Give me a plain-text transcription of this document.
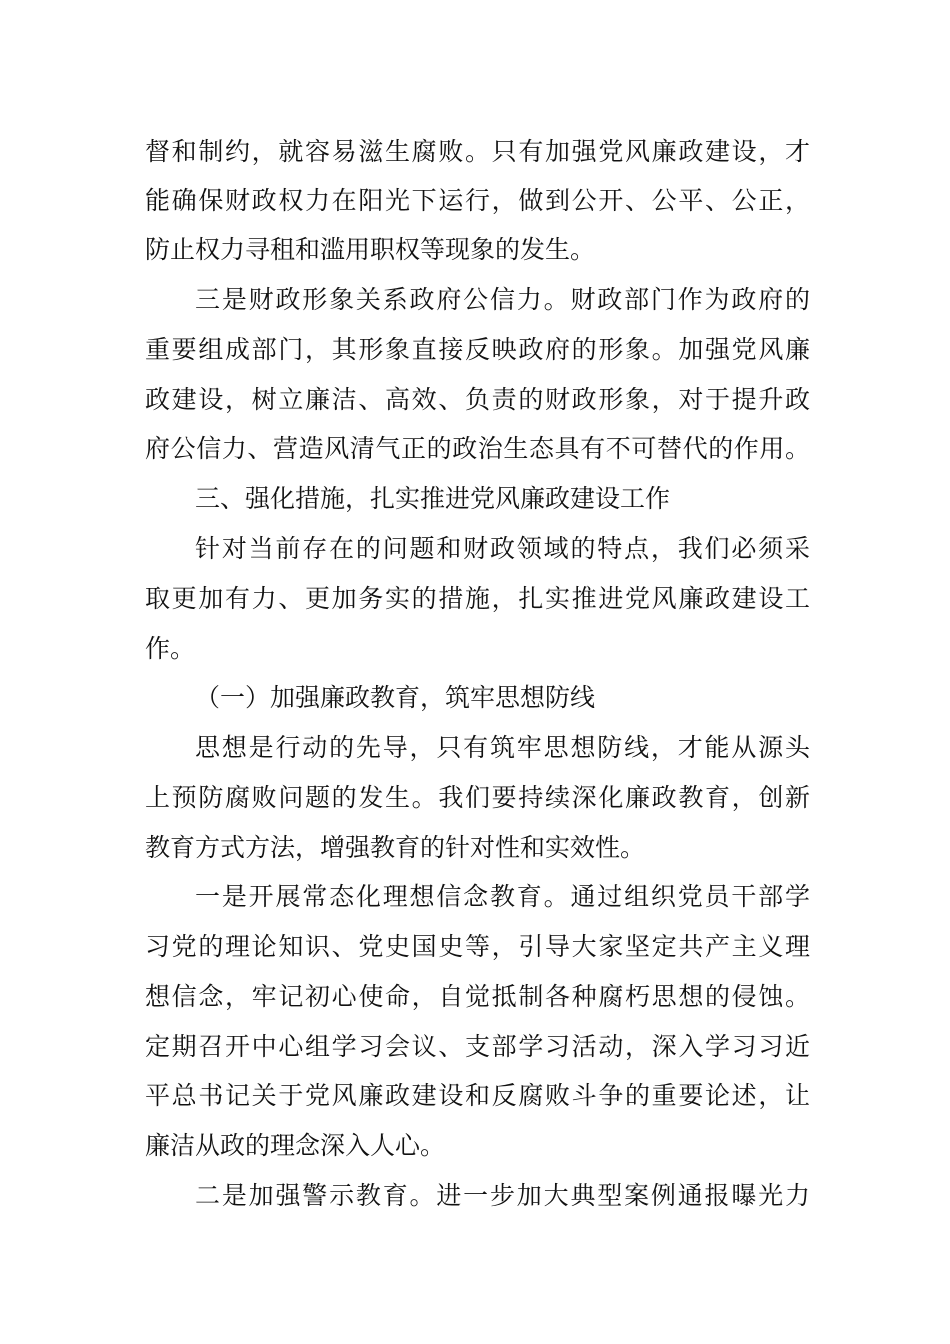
督和制约，就容易滋生腐败。只有加强党风廉政建设，才
能确保财政权力在阳光下运行，做到公开、公平、公正，
防止权力寻租和滥用职权等现象的发生。
三是财政形象关系政府公信力。财政部门作为政府的
重要组成部门，其形象直接反映政府的形象。加强党风廉
政建设，树立廉洁、高效、负责的财政形象，对于提升政
府公信力、营造风清气正的政治生态具有不可替代的作用。
三、强化措施，扎实推进党风廉政建设工作
针对当前存在的问题和财政领域的特点，我们必须采
取更加有力、更加务实的措施，扎实推进党风廉政建设工
作。
（一）加强廉政教育，筑牢思想防线
思想是行动的先导，只有筑牢思想防线，才能从源头
上预防腐败问题的发生。我们要持续深化廉政教育，创新
教育方式方法，增强教育的针对性和实效性。
一是开展常态化理想信念教育。通过组织党员干部学
习党的理论知识、党史国史等，引导大家坚定共产主义理
想信念，牢记初心使命，自觉抵制各种腐朽思想的侵蚀。
定期召开中心组学习会议、支部学习活动，深入学习习近
平总书记关于党风廉政建设和反腐败斗争的重要论述，让
廉洁从政的理念深入人心。
二是加强警示教育。进一步加大典型案例通报曝光力
